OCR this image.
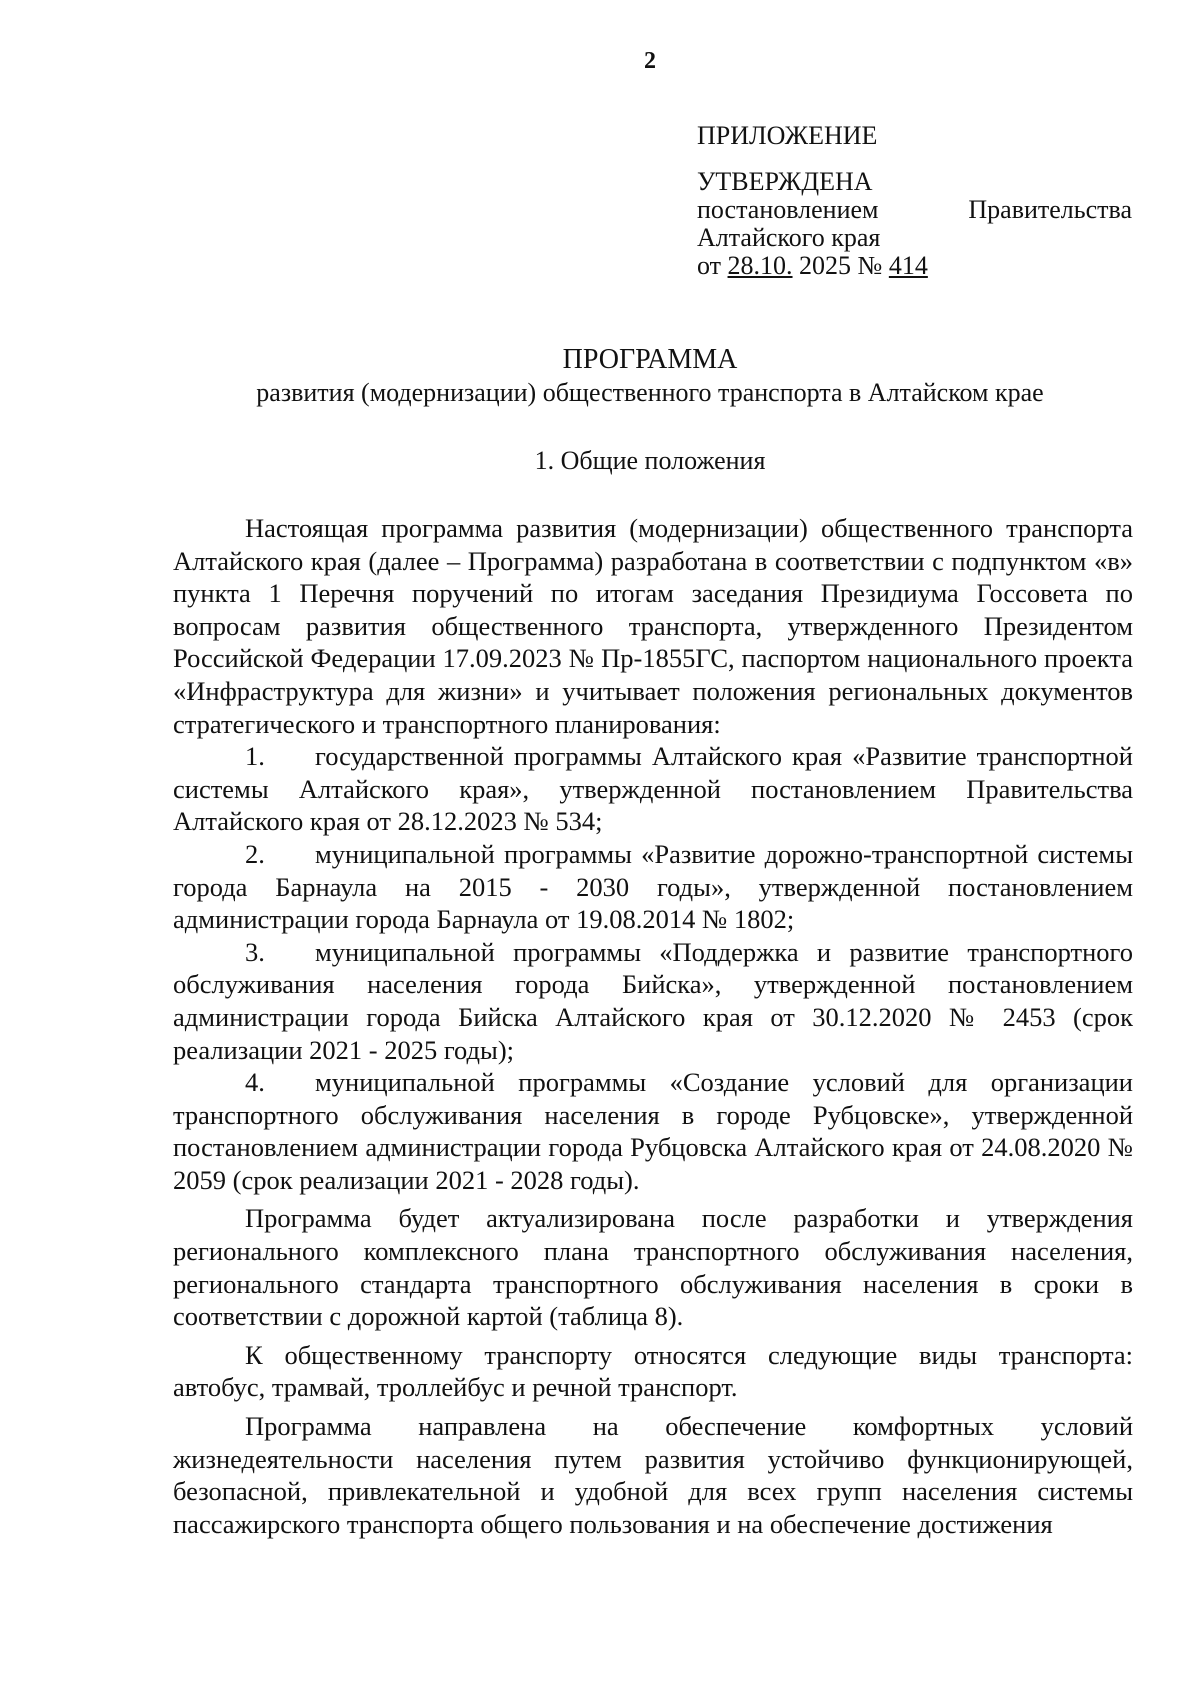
2
ПРИЛОЖЕНИЕ
УТВЕРЖДЕНА
постановлением	Правительства
Алтайского края
от 28.10. 2025 № 414
ПРОГРАММА
развития (модернизации) общественного транспорта в Алтайском крае
1. Общие положения

Настоящая программа развития (модернизации) общественного транспорта Алтайского края (далее – Программа) разработана в соответствии с подпунктом «в» пункта 1 Перечня поручений по итогам заседания Президиума Госсовета по вопросам развития общественного транспорта, утвержденного Президентом Российской Федерации 17.09.2023 № Пр-1855ГС, паспортом национального проекта «Инфраструктура для жизни» и учитывает положения региональных документов стратегического и транспортного планирования:

1. государственной программы Алтайского края «Развитие транспортной системы Алтайского края», утвержденной постановлением Правительства Алтайского края от 28.12.2023 № 534;

2. муниципальной программы «Развитие дорожно-транспортной системы города Барнаула на 2015 - 2030 годы», утвержденной постановлением администрации города Барнаула от 19.08.2014 № 1802;

3. муниципальной программы «Поддержка и развитие транспортного обслуживания населения города Бийска», утвержденной постановлением администрации города Бийска Алтайского края от 30.12.2020 № 2453 (срок реализации 2021 - 2025 годы);

4. муниципальной программы «Создание условий для организации транспортного обслуживания населения в городе Рубцовске», утвержденной постановлением администрации города Рубцовска Алтайского края от 24.08.2020 № 2059 (срок реализации 2021 - 2028 годы).

Программа будет актуализирована после разработки и утверждения регионального комплексного плана транспортного обслуживания населения, регионального стандарта транспортного обслуживания населения в сроки в соответствии с дорожной картой (таблица 8).

К общественному транспорту относятся следующие виды транспорта: автобус, трамвай, троллейбус и речной транспорт.

Программа направлена на обеспечение комфортных условий жизнедеятельности населения путем развития устойчиво функционирующей, безопасной, привлекательной и удобной для всех групп населения системы пассажирского транспорта общего пользования и на обеспечение достижения
